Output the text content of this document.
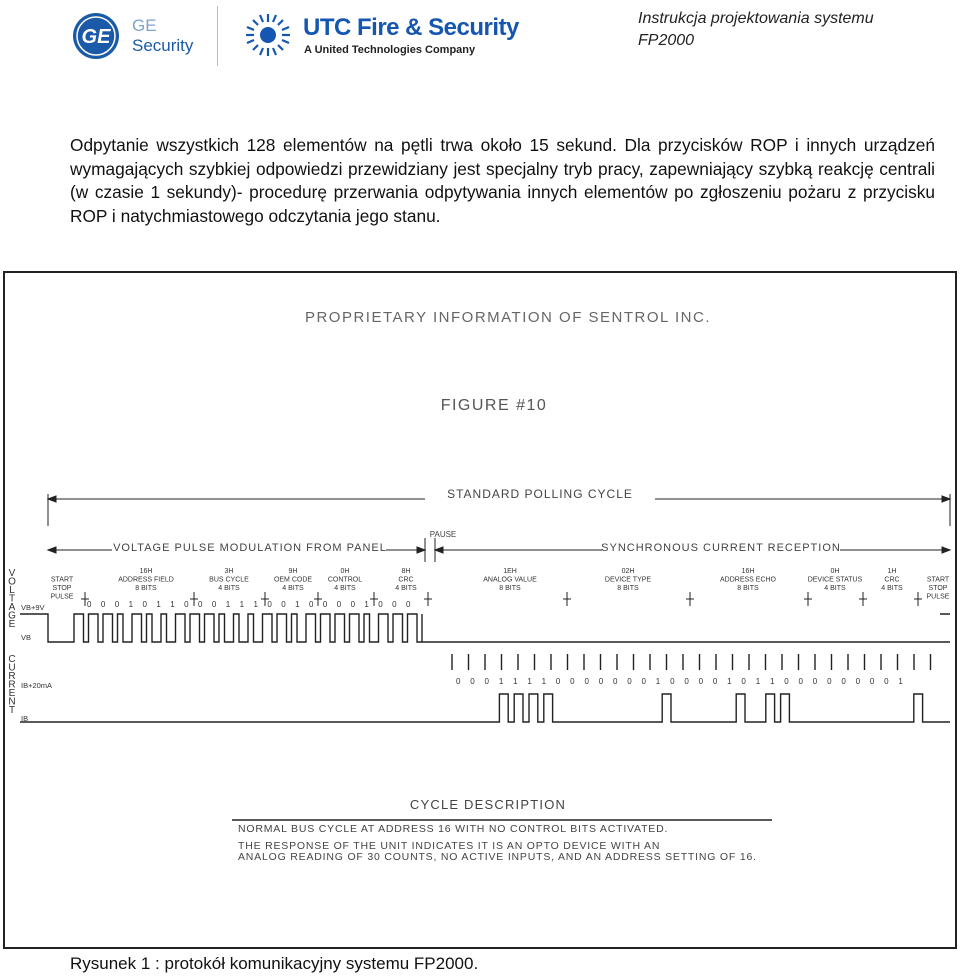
GE
GE
Security
UTC Fire & Security
A United Technologies Company
Instrukcja projektowania systemu
FP2000
Odpytanie wszystkich 128 elementów na pętli trwa około 15 sekund. Dla przycisków ROP i innych urządzeń wymagających szybkiej odpowiedzi przewidziany jest specjalny tryb pracy, zapewniający szybką reakcję centrali (w czasie 1 sekundy)- procedurę przerwania odpytywania innych elementów po zgłoszeniu pożaru z przycisku ROP i natychmiastowego odczytania jego stanu.
PROPRIETARY INFORMATION OF SENTROL INC.
FIGURE #10
STANDARD POLLING CYCLE
VOLTAGE PULSE MODULATION FROM PANEL
PAUSE
SYNCHRONOUS CURRENT RECEPTION
V
O
L
T
A
G
E
C
U
R
R
E
N
T
VB+9V
VB
IB+20mA
IB
START
STOP
PULSE
16H
ADDRESS FIELD
8 BITS
3H
BUS CYCLE
4 BITS
9H
OEM CODE
4 BITS
0H
CONTROL
4 BITS
8H
CRC
4 BITS
1EH
ANALOG VALUE
8 BITS
02H
DEVICE TYPE
8 BITS
16H
ADDRESS ECHO
8 BITS
0H
DEVICE STATUS
4 BITS
1H
CRC
4 BITS
START
STOP
PULSE
0 0 0 1 0 1 1 0 0 0 1 1 1 0 0 1 0 0 0 0 1 0 0 0
0 0 0 1 1 1 1 0 0 0 0 0 0 0 1 0 0 0 0 1 0 1 1 0 0 0 0 0 0 0 0 1
CYCLE DESCRIPTION
NORMAL BUS CYCLE AT ADDRESS 16 WITH NO CONTROL BITS ACTIVATED.
THE RESPONSE OF THE UNIT INDICATES IT IS AN OPTO DEVICE WITH AN
ANALOG READING OF 30 COUNTS, NO ACTIVE INPUTS, AND AN ADDRESS SETTING OF 16.
Rysunek 1 : protokół komunikacyjny systemu FP2000.
